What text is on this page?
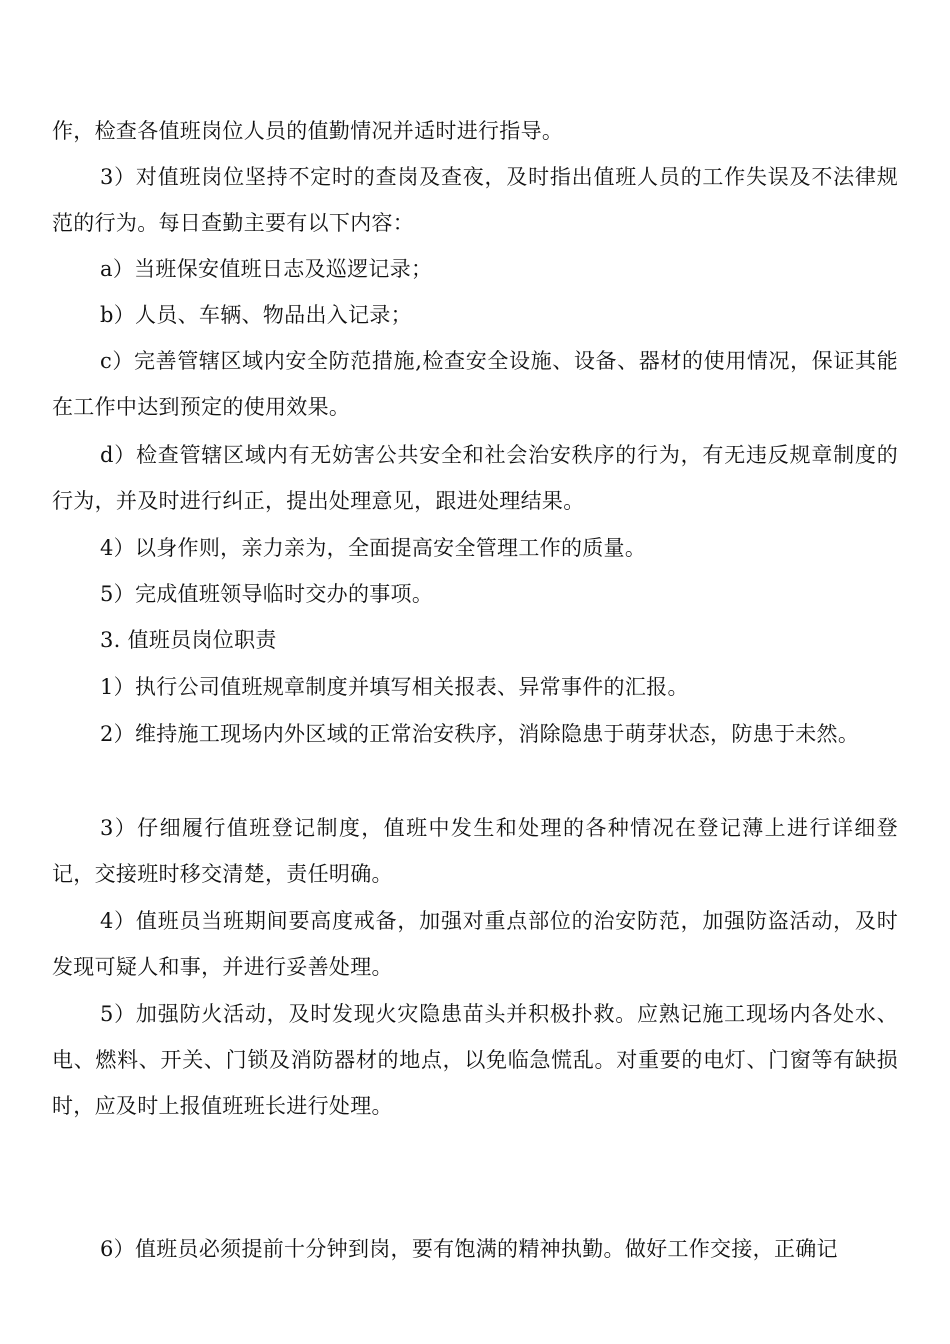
作，检查各值班岗位人员的值勤情况并适时进行指导。

3）对值班岗位坚持不定时的查岗及查夜，及时指出值班人员的工作失误及不法律规范的行为。每日查勤主要有以下内容：

a）当班保安值班日志及巡逻记录；

b）人员、车辆、物品出入记录；

c）完善管辖区域内安全防范措施,检查安全设施、设备、器材的使用情况，保证其能在工作中达到预定的使用效果。

d）检查管辖区域内有无妨害公共安全和社会治安秩序的行为，有无违反规章制度的行为，并及时进行纠正，提出处理意见，跟进处理结果。

4）以身作则，亲力亲为，全面提高安全管理工作的质量。

5）完成值班领导临时交办的事项。

3. 值班员岗位职责

1）执行公司值班规章制度并填写相关报表、异常事件的汇报。

2）维持施工现场内外区域的正常治安秩序，消除隐患于萌芽状态，防患于未然。

3）仔细履行值班登记制度，值班中发生和处理的各种情况在登记薄上进行详细登记，交接班时移交清楚，责任明确。

4）值班员当班期间要高度戒备，加强对重点部位的治安防范，加强防盗活动，及时发现可疑人和事，并进行妥善处理。

5）加强防火活动，及时发现火灾隐患苗头并积极扑救。应熟记施工现场内各处水、电、燃料、开关、门锁及消防器材的地点，以免临急慌乱。对重要的电灯、门窗等有缺损时，应及时上报值班班长进行处理。

6）值班员必须提前十分钟到岗，要有饱满的精神执勤。做好工作交接，正确记
